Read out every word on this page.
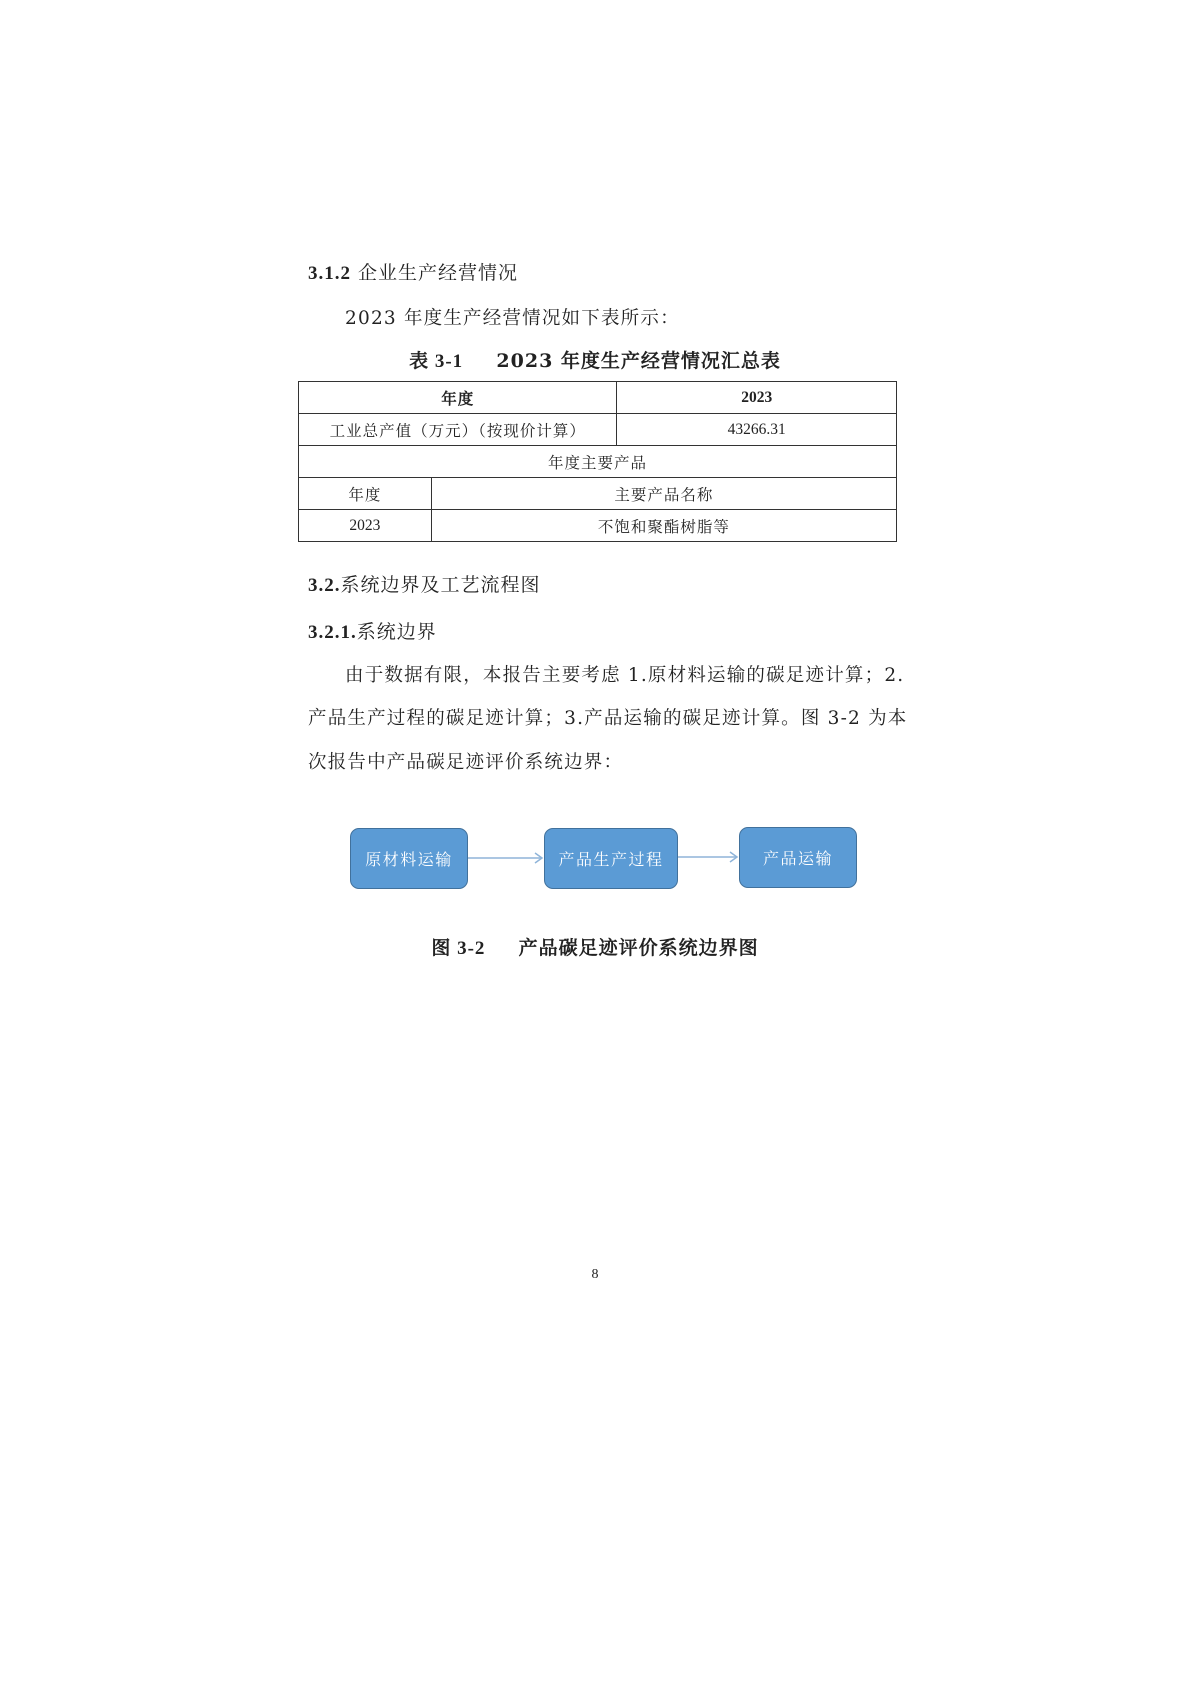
3.1.2 企业生产经营情况
2023 年度生产经营情况如下表所示：
表 3-1 2023 年度生产经营情况汇总表
年度		2023
工业总产值（万元）（按现价计算）		43266.31
年度主要产品		
年度	主要产品名称	
2023	不饱和聚酯树脂等	
3.2.系统边界及工艺流程图
3.2.1.系统边界
由于数据有限，本报告主要考虑 1.原材料运输的碳足迹计算；2.
产品生产过程的碳足迹计算；3.产品运输的碳足迹计算。图 3-2 为本
次报告中产品碳足迹评价系统边界：
原材料运输	产品生产过程	产品运输
图 3-2 产品碳足迹评价系统边界图
8
